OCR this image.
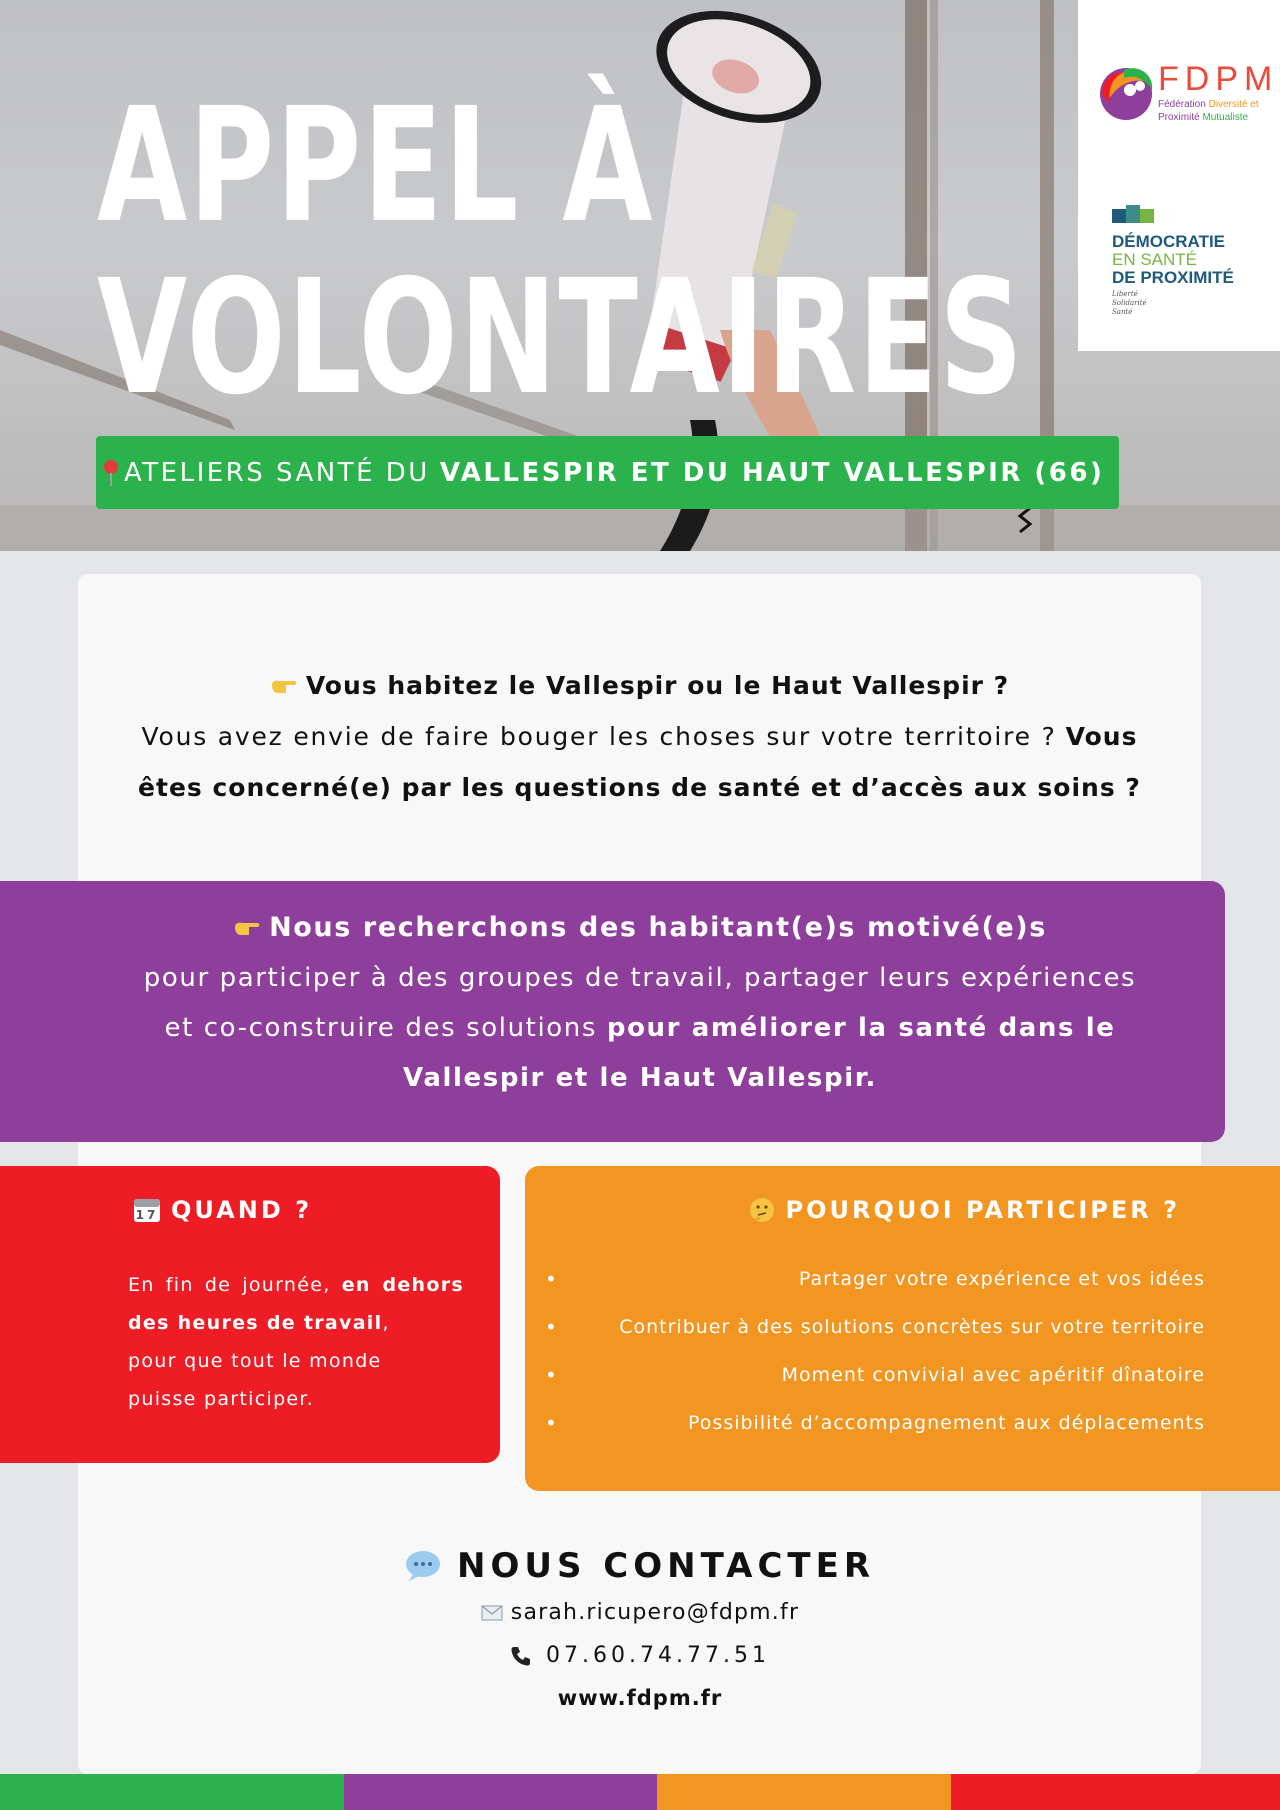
APPEL À
VOLONTAIRES
FDPM
Fédération Diversité et
Proximité Mutualiste
DÉMOCRATIE
EN SANTÉ
DE PROXIMITÉ
Liberté
Solidarité
Santé
ATELIERS SANTÉ DU VALLESPIR ET DU HAUT VALLESPIR (66)
Vous habitez le Vallespir ou le Haut Vallespir ?
Vous avez envie de faire bouger les choses sur votre territoire ? Vous
êtes concerné(e) par les questions de santé et d’accès aux soins ?
Nous recherchons des habitant(e)s motivé(e)s
pour participer à des groupes de travail, partager leurs expériences
et co-construire des solutions pour améliorer la santé dans le
Vallespir et le Haut Vallespir.
17 QUAND ?

En fin de journée, en dehors des heures de travail,

pour que tout le monde

puisse participer.

POURQUOI PARTICIPER ?
• Partager votre expérience et vos idées
• Contribuer à des solutions concrètes sur votre territoire
• Moment convivial avec apéritif dînatoire
• Possibilité d’accompagnement aux déplacements
NOUS CONTACTER
sarah.ricupero@fdpm.fr
07.60.74.77.51
www.fdpm.fr
